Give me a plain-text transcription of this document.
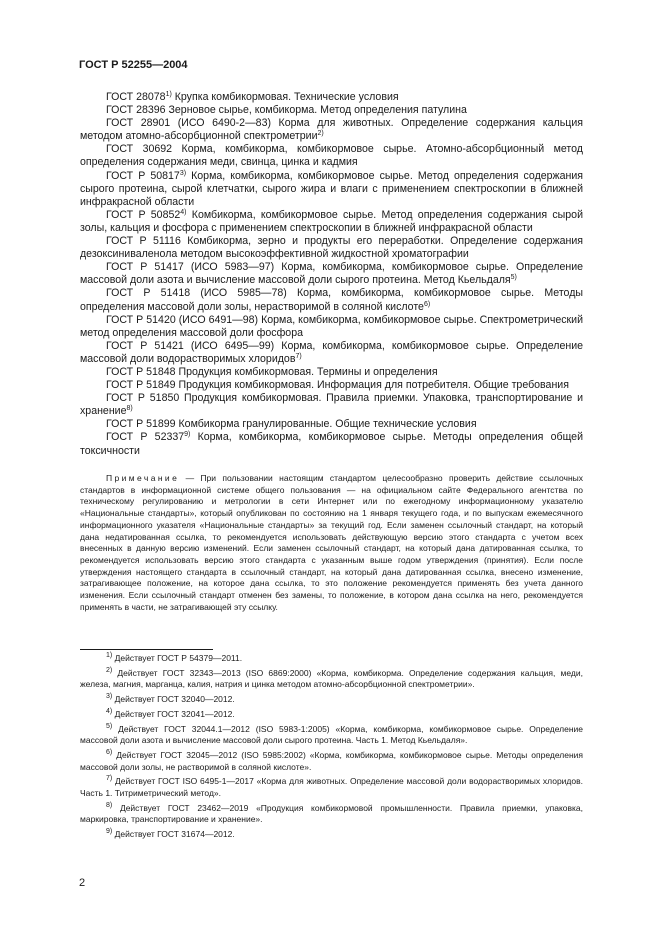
ГОСТ Р 52255—2004

ГОСТ 28078$^{1)}$ Крупка комбикормовая. Технические условия

ГОСТ 28396 Зерновое сырье, комбикорма. Метод определения патулина

ГОСТ 28901 (ИСО 6490-2—83) Корма для животных. Определение содержания кальция методом атомно-абсорбционной спектрометрии$^{2)}$

ГОСТ 30692 Корма, комбикорма, комбикормовое сырье. Атомно-абсорбционный метод определения содержания меди, свинца, цинка и кадмия

ГОСТ Р 50817$^{3)}$ Корма, комбикорма, комбикормовое сырье. Метод определения содержания сырого протеина, сырой клетчатки, сырого жира и влаги с применением спектроскопии в ближней инфракрасной области

ГОСТ Р 50852$^{4)}$ Комбикорма, комбикормовое сырье. Метод определения содержания сырой золы, кальция и фосфора с применением спектроскопии в ближней инфракрасной области

ГОСТ Р 51116 Комбикорма, зерно и продукты его переработки. Определение содержания дезоксиниваленола методом высокоэффективной жидкостной хроматографии

ГОСТ Р 51417 (ИСО 5983—97) Корма, комбикорма, комбикормовое сырье. Определение массовой доли азота и вычисление массовой доли сырого протеина. Метод Кьельдаля$^{5)}$

ГОСТ Р 51418 (ИСО 5985—78) Корма, комбикорма, комбикормовое сырье. Методы определения массовой доли золы, нерастворимой в соляной кислоте$^{6)}$

ГОСТ Р 51420 (ИСО 6491—98) Корма, комбикорма, комбикормовое сырье. Спектрометрический метод определения массовой доли фосфора

ГОСТ Р 51421 (ИСО 6495—99) Корма, комбикорма, комбикормовое сырье. Определение массовой доли водорастворимых хлоридов$^{7)}$

ГОСТ Р 51848 Продукция комбикормовая. Термины и определения

ГОСТ Р 51849 Продукция комбикормовая. Информация для потребителя. Общие требования

ГОСТ Р 51850 Продукция комбикормовая. Правила приемки. Упаковка, транспортирование и хранение$^{8)}$

ГОСТ Р 51899 Комбикорма гранулированные. Общие технические условия

ГОСТ Р 52337$^{9)}$ Корма, комбикорма, комбикормовое сырье. Методы определения общей токсичности

Примечание — При пользовании настоящим стандартом целесообразно проверить действие ссылочных стандартов в информационной системе общего пользования — на официальном сайте Федерального агентства по техническому регулированию и метрологии в сети Интернет или по ежегодному информационному указателю «Национальные стандарты», который опубликован по состоянию на 1 января текущего года, и по выпускам ежемесячного информационного указателя «Национальные стандарты» за текущий год. Если заменен ссылочный стандарт, на который дана недатированная ссылка, то рекомендуется использовать действующую версию этого стандарта с учетом всех внесенных в данную версию изменений. Если заменен ссылочный стандарт, на который дана датированная ссылка, то рекомендуется использовать версию этого стандарта с указанным выше годом утверждения (принятия). Если после утверждения настоящего стандарта в ссылочный стандарт, на который дана датированная ссылка, внесено изменение, затрагивающее положение, на которое дана ссылка, то это положение рекомендуется применять без учета данного изменения. Если ссылочный стандарт отменен без замены, то положение, в котором дана ссылка на него, рекомендуется применять в части, не затрагивающей эту ссылку.

$^{1)}$ Действует ГОСТ Р 54379—2011.

$^{2)}$ Действует ГОСТ 32343—2013 (ISO 6869:2000) «Корма, комбикорма. Определение содержания кальция, меди, железа, магния, марганца, калия, натрия и цинка методом атомно-абсорбционной спектрометрии».

$^{3)}$ Действует ГОСТ 32040—2012.

$^{4)}$ Действует ГОСТ 32041—2012.

$^{5)}$ Действует ГОСТ 32044.1—2012 (ISO 5983-1:2005) «Корма, комбикорма, комбикормовое сырье. Определение массовой доли азота и вычисление массовой доли сырого протеина. Часть 1. Метод Кьельдаля».

$^{6)}$ Действует ГОСТ 32045—2012 (ISO 5985:2002) «Корма, комбикорма, комбикормовое сырье. Методы определения массовой доли золы, не растворимой в соляной кислоте».

$^{7)}$ Действует ГОСТ ISO 6495-1—2017 «Корма для животных. Определение массовой доли водорастворимых хлоридов. Часть 1. Титриметрический метод».

$^{8)}$ Действует ГОСТ 23462—2019 «Продукция комбикормовой промышленности. Правила приемки, упаковка, маркировка, транспортирование и хранение».

$^{9)}$ Действует ГОСТ 31674—2012.

2
